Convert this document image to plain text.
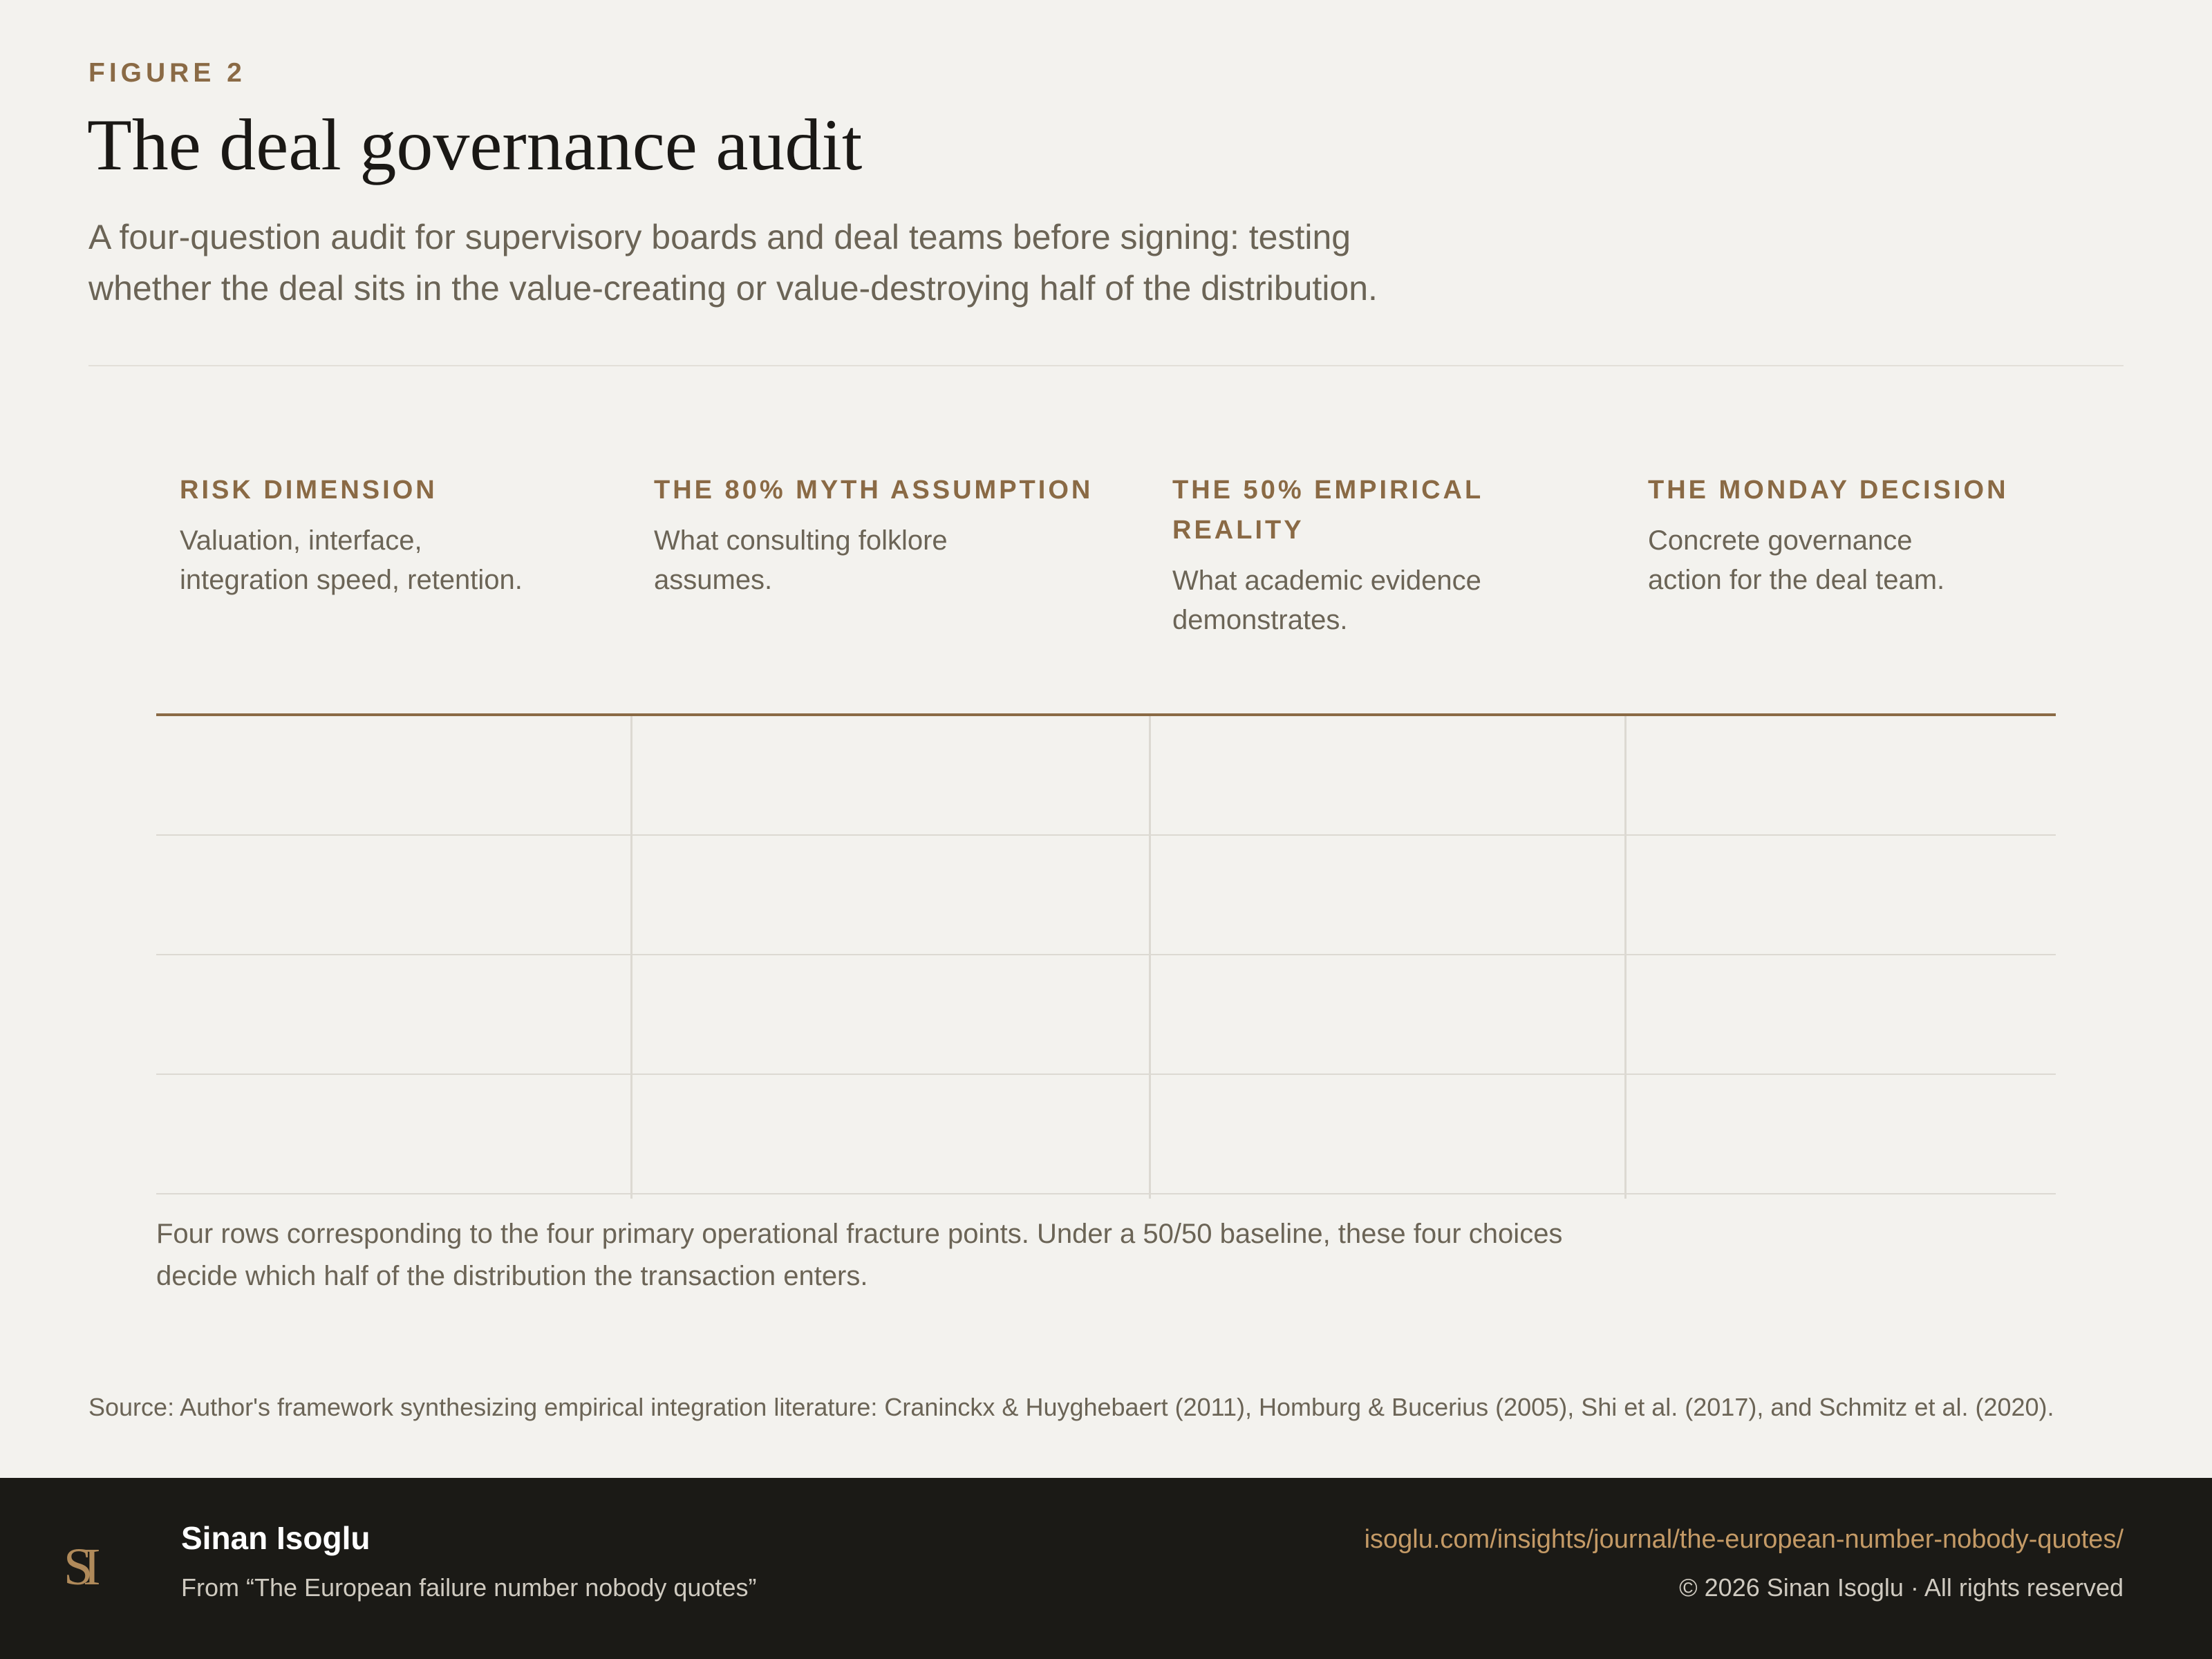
FIGURE 2
The deal governance audit
A four-question audit for supervisory boards and deal teams before signing: testing whether the deal sits in the value-creating or value-destroying half of the distribution.
RISK DIMENSION
Valuation, interface, integration speed, retention.
THE 80% MYTH ASSUMPTION
What consulting folklore assumes.
THE 50% EMPIRICAL REALITY
What academic evidence demonstrates.
THE MONDAY DECISION
Concrete governance action for the deal team.
Four rows corresponding to the four primary operational fracture points. Under a 50/50 baseline, these four choices decide which half of the distribution the transaction enters.
Source: Author's framework synthesizing empirical integration literature: Craninckx & Huyghebaert (2011), Homburg & Bucerius (2005), Shi et al. (2017), and Schmitz et al. (2020).
SI	Sinan Isoglu
From “The European failure number nobody quotes”
isoglu.com/insights/journal/the-european-number-nobody-quotes/
© 2026 Sinan Isoglu · All rights reserved
